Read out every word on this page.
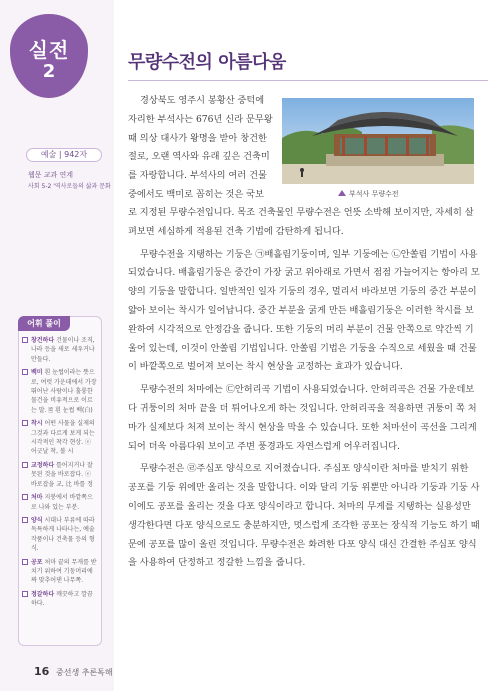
실전
2
예술 | 942자
웹문 교과 연계
사회 5-2 '역사로들의 삶과 문화
어휘 풀이
창건하다 건물이나 조직, 나라 등을 새로 세우거나 만들다.
백미 흰 눈썹이라는 뜻으로, 여럿 가운데에서 가장 뛰어난 사람이나 훌륭한 물건을 비유적으로 이르는 말. 🖹 흰 눈썹 백(白)
착시 어떤 사물을 실제의 그것과 다르게 보게 되는 시각적인 착각 현상. ⓔ 어긋날 착, 볼 시
교정하다 틀어지거나 잘못된 것을 바로잡다. ⓔ 바로잡을 교, 比 바를 정
처마 지붕에서 바깥쪽으로 나와 있는 부분.
양식 시대나 부류에 따라 독특하게 나타나는, 예술 작품이나 건축물 등의 형식.
공포 처마 끝의 무게를 받치기 위하여 기둥머리에 짜 맞추어댄 나무쪽.
정갈하다 깨끗하고 깔끔하다.
무량수전의 아름다움
부석사 무량수전
경상북도 영주시 봉황산 중턱에
자리한 부석사는 676년 신라 문무왕
때 의상 대사가 왕명을 받아 창건한
절로, 오랜 역사와 유래 깊은 건축미
를 자랑합니다. 부석사의 여러 건물
중에서도 백미로 꼽히는 것은 국보

로 지정된 무량수전입니다. 목조 건축물인 무량수전은 언뜻 소박해 보이지만, 자세히 살펴보면 세심하게 적용된 건축 기법에 감탄하게 됩니다.

무량수전을 지탱하는 기둥은 ㉠배흘림기둥이며, 일부 기둥에는 ㉡안쏠림 기법이 사용되었습니다. 배흘림기둥은 중간이 가장 굵고 위아래로 가면서 점점 가늘어지는 항아리 모양의 기둥을 말합니다. 일반적인 일자 기둥의 경우, 멀리서 바라보면 기둥의 중간 부분이 얇아 보이는 착시가 일어납니다. 중간 부분을 굵게 만든 배흘림기둥은 이러한 착시를 보완하여 시각적으로 안정감을 줍니다. 또한 기둥의 머리 부분이 건물 안쪽으로 약간씩 기울어 있는데, 이것이 안쏠림 기법입니다. 안쏠림 기법은 기둥을 수직으로 세웠을 때 건물이 바깥쪽으로 벌어져 보이는 착시 현상을 교정하는 효과가 있습니다.

무량수전의 처마에는 ㉢안허리곡 기법이 사용되었습니다. 안허리곡은 건물 가운데보다 귀퉁이의 처마 끝을 더 튀어나오게 하는 것입니다. 안허리곡을 적용하면 귀퉁이 쪽 처마가 실제보다 처져 보이는 착시 현상을 막을 수 있습니다. 또한 처마선이 곡선을 그리게 되어 더욱 아름다워 보이고 주변 풍경과도 자연스럽게 어우러집니다.

무량수전은 ㉣주심포 양식으로 지어졌습니다. 주심포 양식이란 처마를 받치기 위한 공포를 기둥 위에만 올리는 것을 말합니다. 이와 달리 기둥 위뿐만 아니라 기둥과 기둥 사이에도 공포를 올리는 것을 다포 양식이라고 합니다. 처마의 무게를 지탱하는 실용성만 생각한다면 다포 양식으로도 충분하지만, 멋스럽게 조각한 공포는 장식적 기능도 하기 때문에 공포를 많이 올린 것입니다. 무량수전은 화려한 다포 양식 대신 간결한 주심포 양식을 사용하여 단정하고 정갈한 느낌을 줍니다.

16 중선생 추론독해
